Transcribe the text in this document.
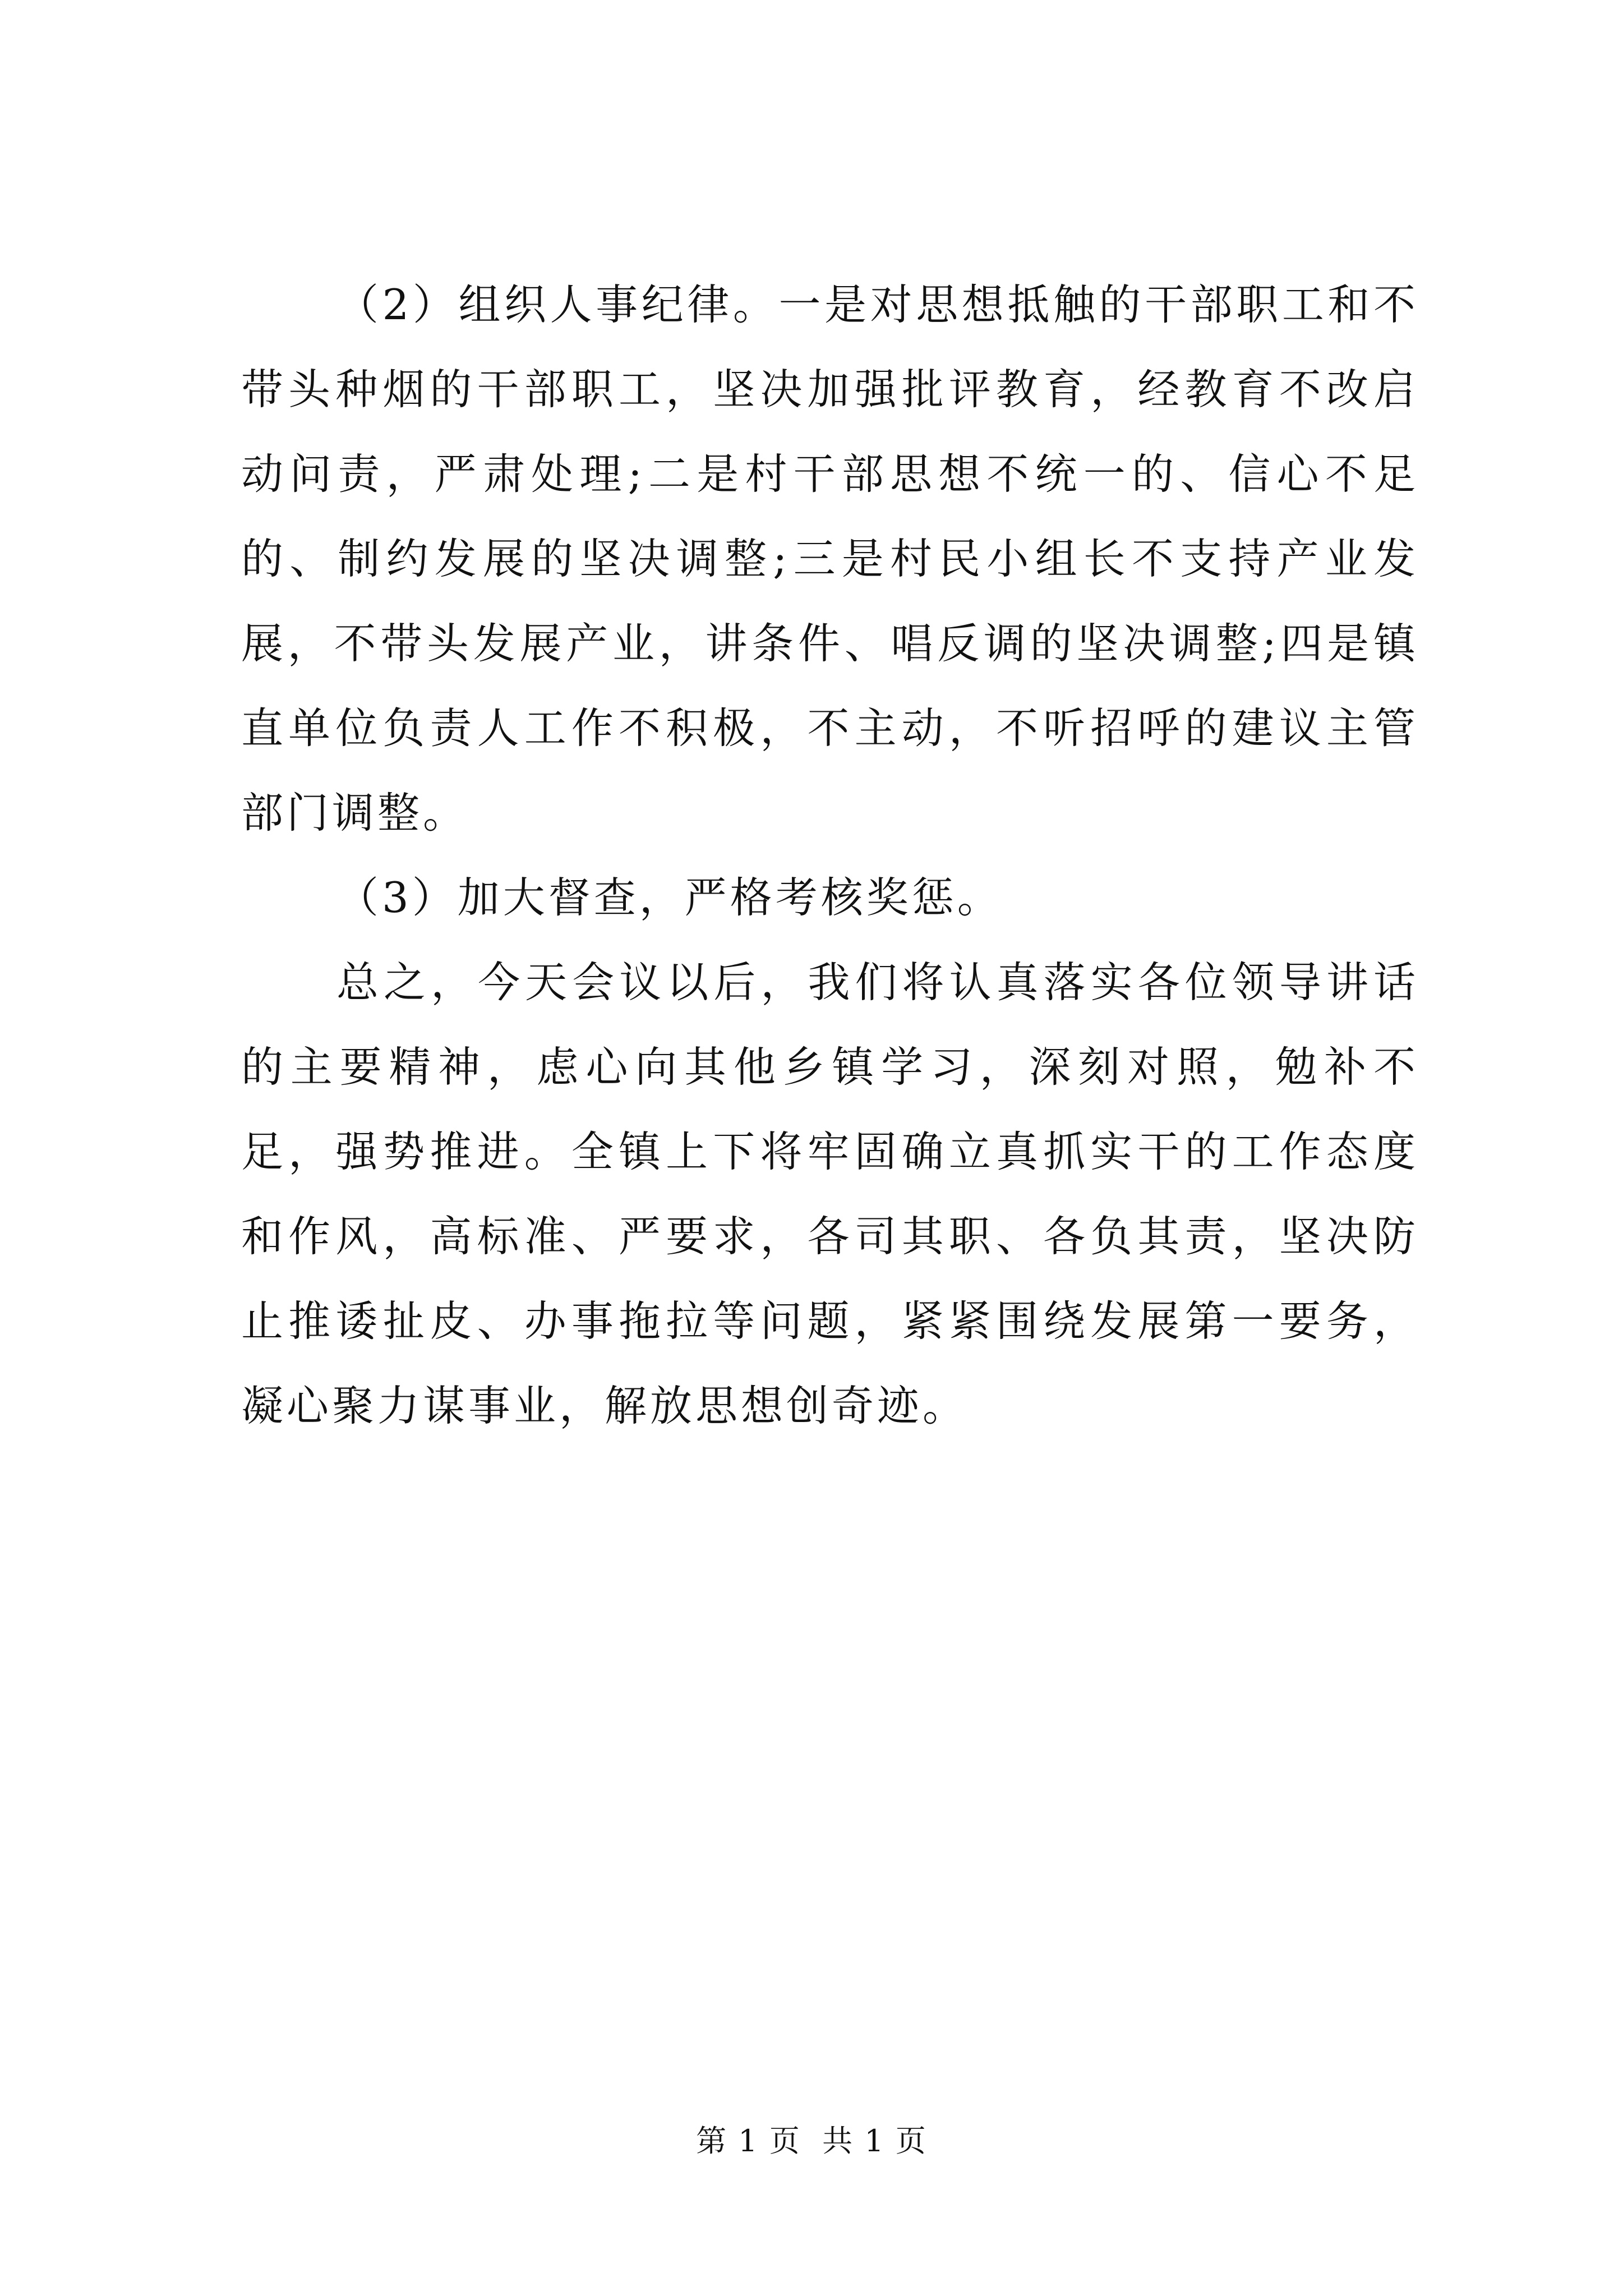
（2）组织人事纪律。一是对思想抵触的干部职工和不带头种烟的干部职工，坚决加强批评教育，经教育不改启动问责，严肃处理;二是村干部思想不统一的、信心不足的、制约发展的坚决调整;三是村民小组长不支持产业发展，不带头发展产业，讲条件、唱反调的坚决调整;四是镇直单位负责人工作不积极，不主动，不听招呼的建议主管部门调整。

（3）加大督查，严格考核奖惩。

总之，今天会议以后，我们将认真落实各位领导讲话的主要精神，虑心向其他乡镇学习，深刻对照，勉补不足，强势推进。全镇上下将牢固确立真抓实干的工作态度和作风，高标准、严要求，各司其职、各负其责，坚决防止推诿扯皮、办事拖拉等问题，紧紧围绕发展第一要务，凝心聚力谋事业，解放思想创奇迹。

第 1 页  共 1 页
